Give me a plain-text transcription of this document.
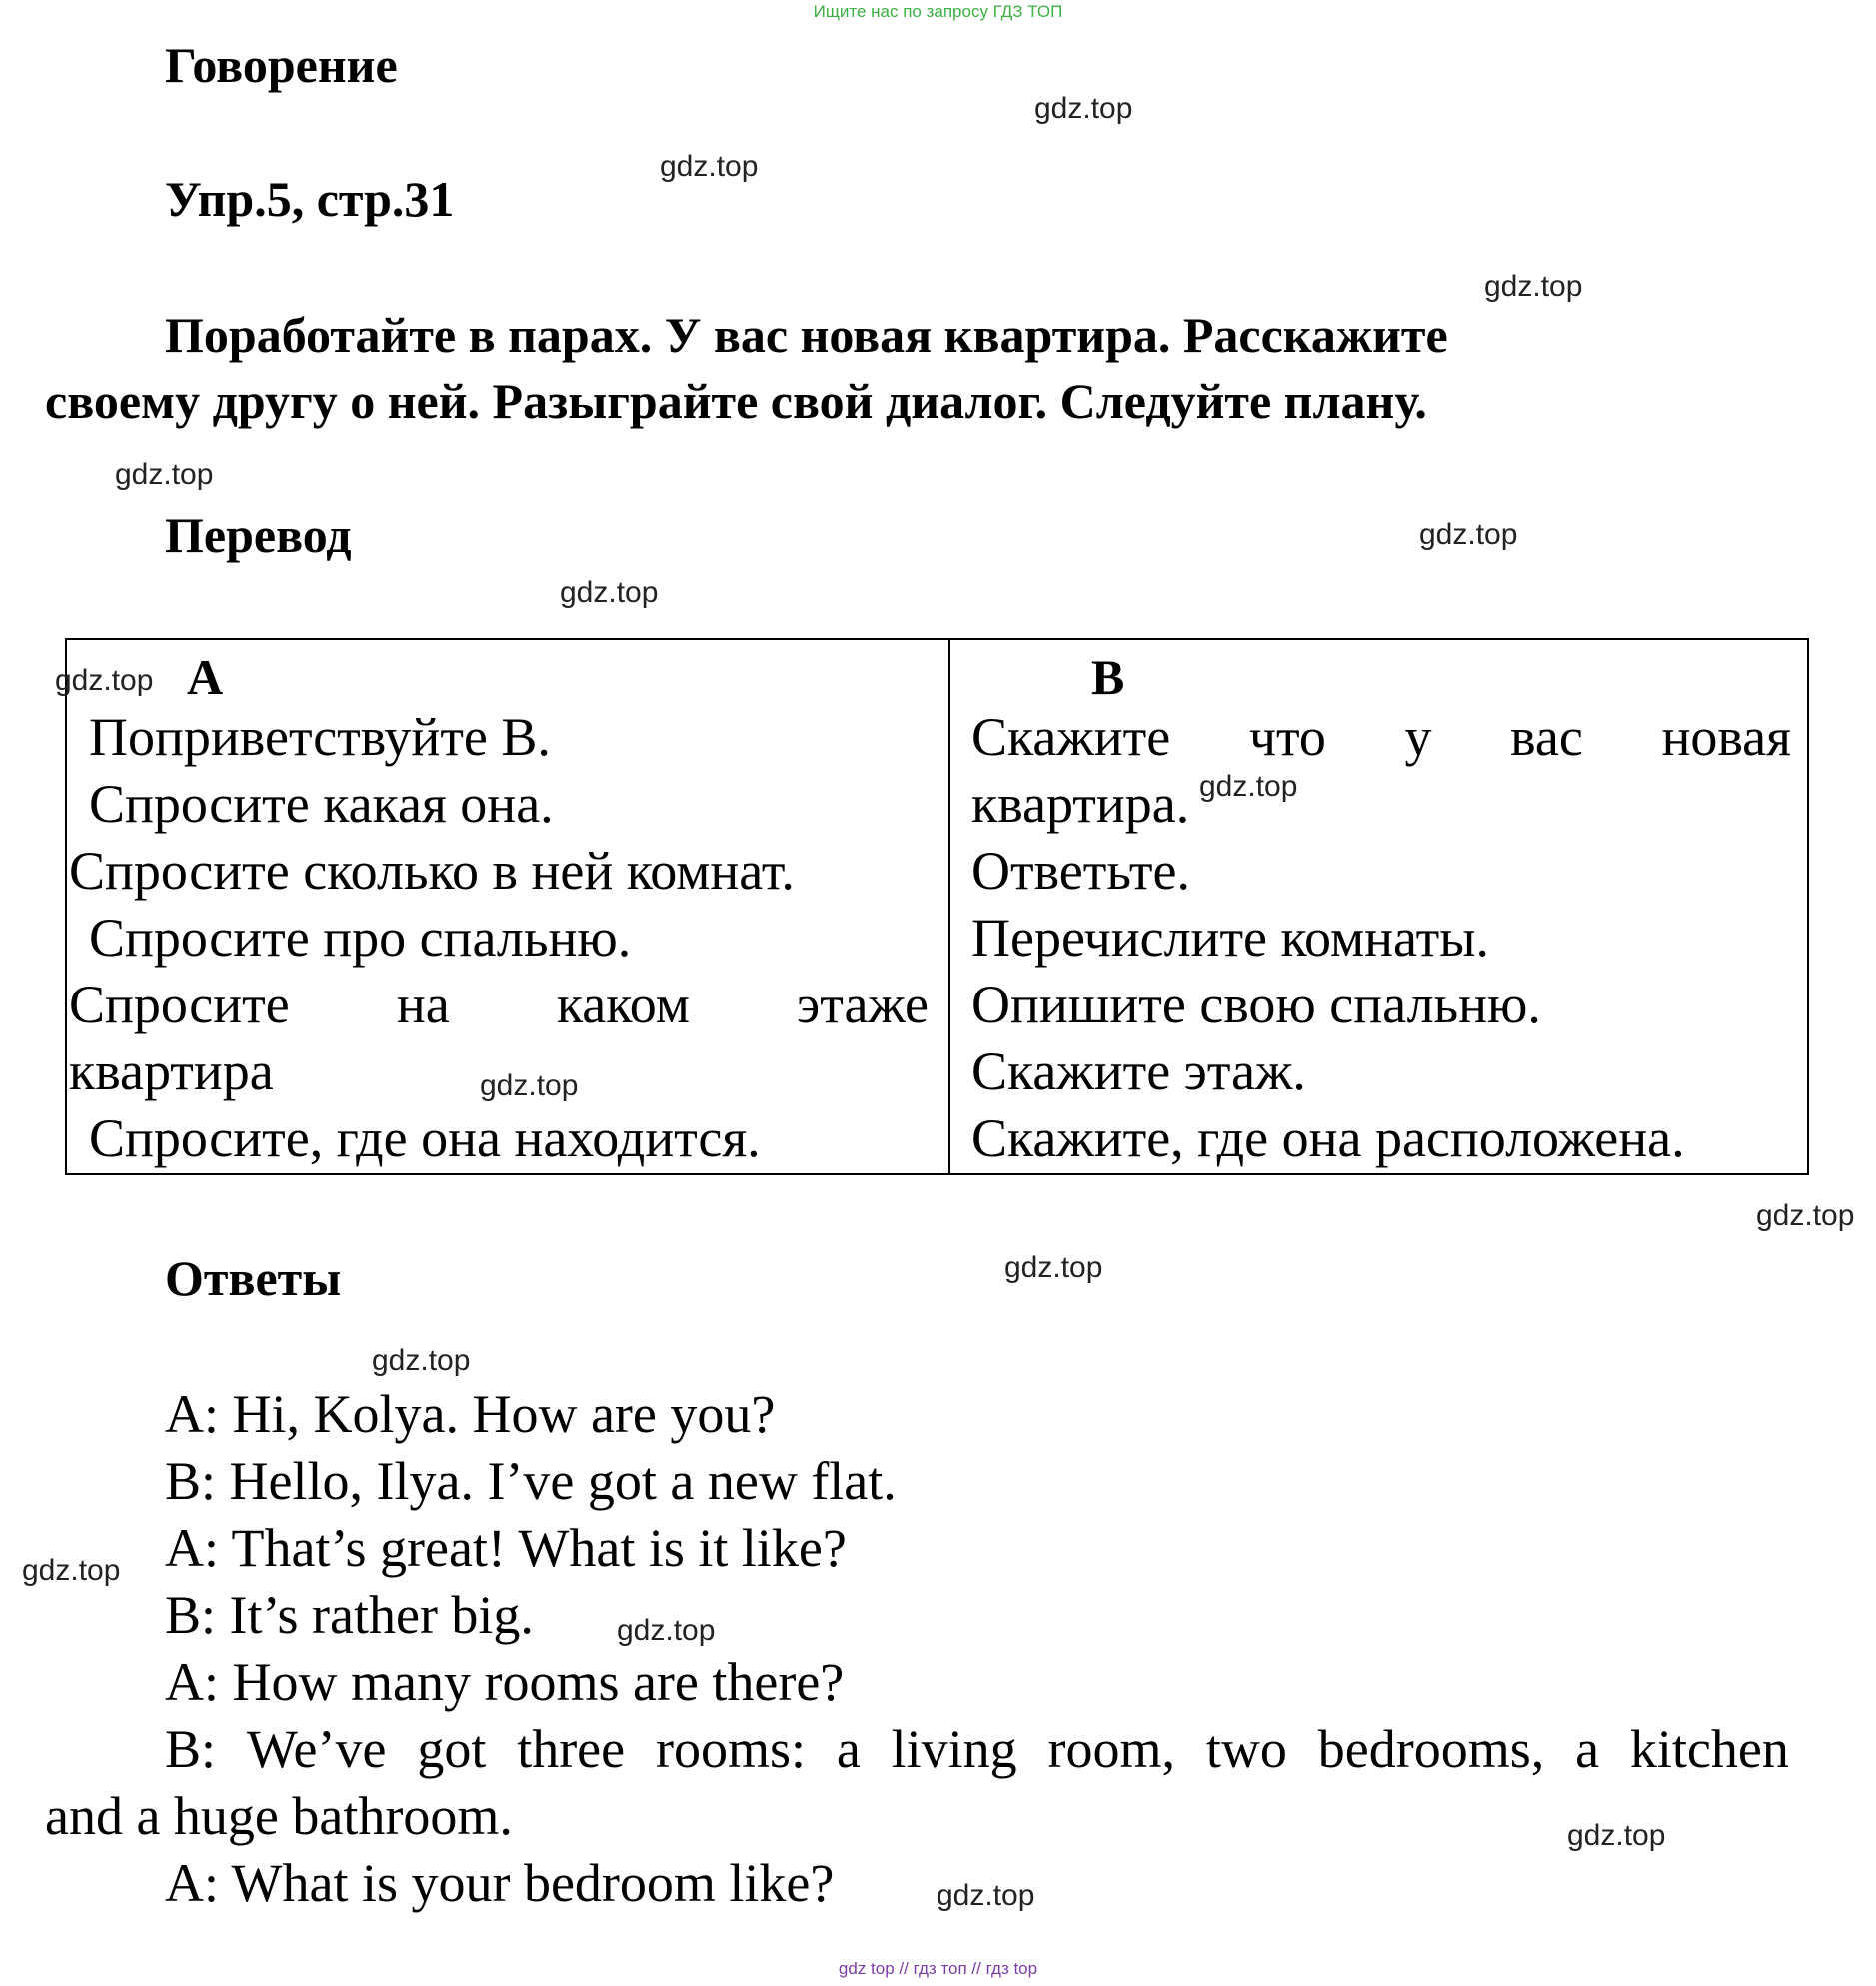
Ищите нас по запросу ГДЗ ТОП
Говорение
Упр.5, стр.31

Поработайте в парах. У вас новая квартира. Расскажите

своему другу о ней. Разыграйте свой диалог. Следуйте плану.
Перевод
A	B
Поприветствуйте B.
Спросите какая она.
Спросите сколько в ней комнат.
Спросите про спальню.
Спросите на каком этаже
квартира
Спросите, где она находится.
Скажите что у вас новая
квартира.
Ответьте.
Перечислите комнаты.
Опишите свою спальню.
Скажите этаж.
Скажите, где она расположена.
Ответы
A: Hi, Kolya. How are you?
B: Hello, Ilya. I’ve got a new flat.
A: That’s great! What is it like?
B: It’s rather big.
A: How many rooms are there?
B: We’ve got three rooms: a living room, two bedrooms, a kitchen
and a huge bathroom.
A: What is your bedroom like?
gdz.top
gdz.top
gdz.top
gdz.top
gdz.top
gdz.top
gdz.top
gdz.top
gdz.top
gdz.top
gdz.top
gdz.top
gdz.top
gdz.top
gdz.top
gdz.top
gdz top // гдз топ // гдз top
